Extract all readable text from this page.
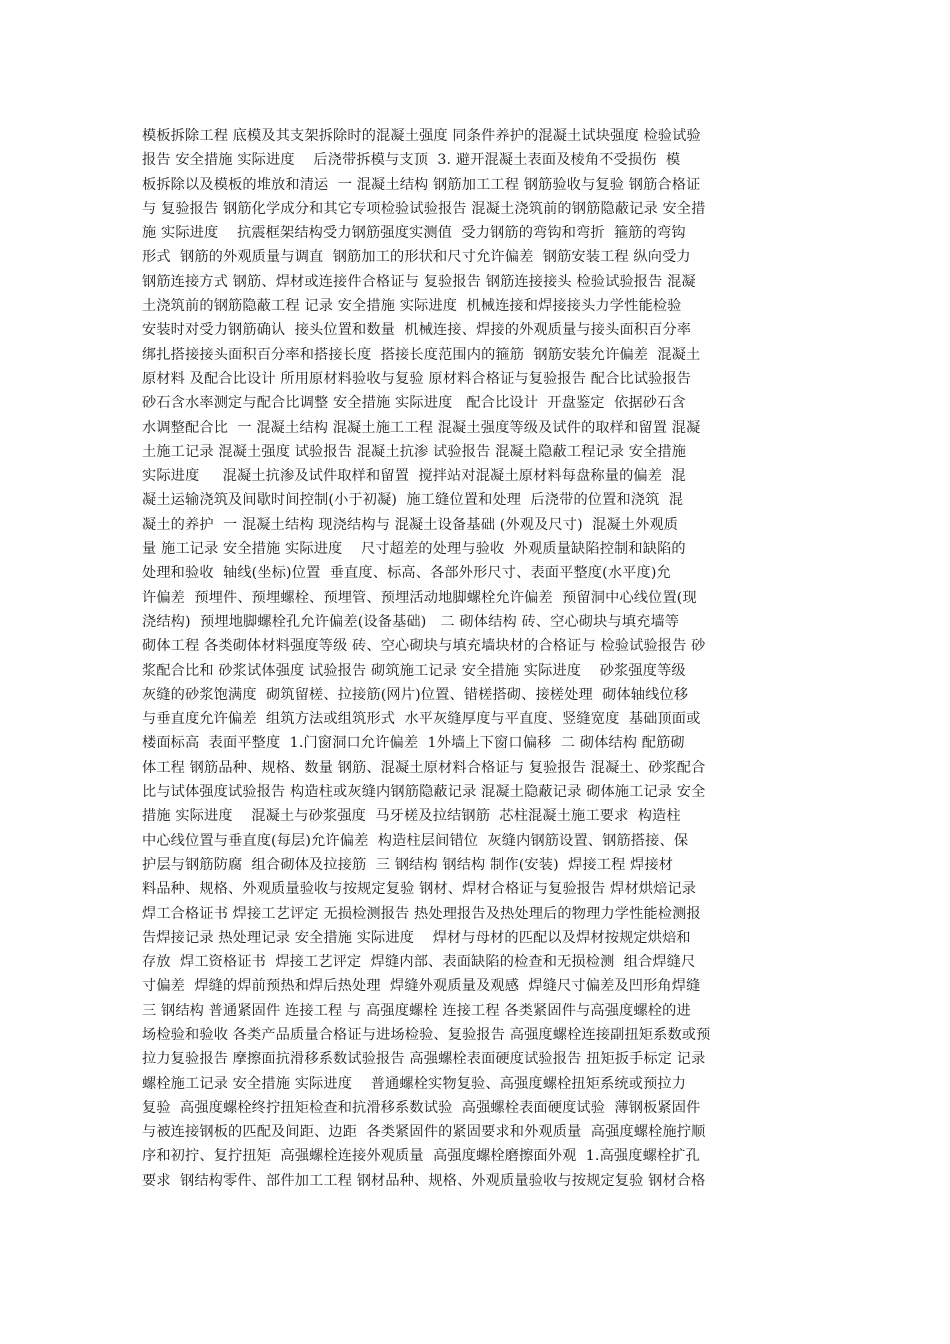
模板拆除工程 底模及其支架拆除时的混凝土强度 同条件养护的混凝土试块强度 检验试验
报告 安全措施 实际进度    后浇带拆模与支顶  3. 避开混凝土表面及棱角不受损伤  模
板拆除以及模板的堆放和清运  一 混凝土结构 钢筋加工工程 钢筋验收与复验 钢筋合格证
与 复验报告 钢筋化学成分和其它专项检验试验报告 混凝土浇筑前的钢筋隐蔽记录 安全措
施 实际进度    抗震框架结构受力钢筋强度实测值  受力钢筋的弯钩和弯折  箍筋的弯钩
形式  钢筋的外观质量与调直  钢筋加工的形状和尺寸允许偏差  钢筋安装工程 纵向受力
钢筋连接方式 钢筋、焊材或连接件合格证与 复验报告 钢筋连接接头 检验试验报告 混凝
土浇筑前的钢筋隐蔽工程 记录 安全措施 实际进度  机械连接和焊接接头力学性能检验
安装时对受力钢筋确认  接头位置和数量  机械连接、焊接的外观质量与接头面积百分率
绑扎搭接接头面积百分率和搭接长度  搭接长度范围内的箍筋  钢筋安装允许偏差  混凝土
原材料 及配合比设计 所用原材料验收与复验 原材料合格证与复验报告 配合比试验报告
砂石含水率测定与配合比调整 安全措施 实际进度   配合比设计  开盘鉴定  依据砂石含
水调整配合比  一 混凝土结构 混凝土施工工程 混凝土强度等级及试件的取样和留置 混凝
土施工记录 混凝土强度 试验报告 混凝土抗渗 试验报告 混凝土隐蔽工程记录 安全措施
实际进度     混凝土抗渗及试件取样和留置  搅拌站对混凝土原材料每盘称量的偏差  混
凝土运输浇筑及间歇时间控制(小于初凝)  施工缝位置和处理  后浇带的位置和浇筑  混
凝土的养护  一 混凝土结构 现浇结构与 混凝土设备基础 (外观及尺寸)  混凝土外观质
量 施工记录 安全措施 实际进度    尺寸超差的处理与验收  外观质量缺陷控制和缺陷的
处理和验收  轴线(坐标)位置  垂直度、标高、各部外形尺寸、表面平整度(水平度)允
许偏差  预埋件、预埋螺栓、预埋管、预埋活动地脚螺栓允许偏差  预留洞中心线位置(现
浇结构)  预埋地脚螺栓孔允许偏差(设备基础)   二 砌体结构 砖、空心砌块与填充墙等
砌体工程 各类砌体材料强度等级 砖、空心砌块与填充墙块材的合格证与 检验试验报告 砂
浆配合比和 砂浆试体强度 试验报告 砌筑施工记录 安全措施 实际进度    砂浆强度等级
灰缝的砂浆饱满度  砌筑留槎、拉接筋(网片)位置、错槎搭砌、接槎处理  砌体轴线位移
与垂直度允许偏差  组筑方法或组筑形式  水平灰缝厚度与平直度、竖缝宽度  基础顶面或
楼面标高  表面平整度  1.门窗洞口允许偏差  1外墙上下窗口偏移  二 砌体结构 配筋砌
体工程 钢筋品种、规格、数量 钢筋、混凝土原材料合格证与 复验报告 混凝土、砂浆配合
比与试体强度试验报告 构造柱或灰缝内钢筋隐蔽记录 混凝土隐蔽记录 砌体施工记录 安全
措施 实际进度    混凝土与砂浆强度  马牙槎及拉结钢筋  芯柱混凝土施工要求  构造柱
中心线位置与垂直度(每层)允许偏差  构造柱层间错位  灰缝内钢筋设置、钢筋搭接、保
护层与钢筋防腐  组合砌体及拉接筋  三 钢结构 钢结构 制作(安装)  焊接工程 焊接材
料品种、规格、外观质量验收与按规定复验 钢材、焊材合格证与复验报告 焊材烘焙记录
焊工合格证书 焊接工艺评定 无损检测报告 热处理报告及热处理后的物理力学性能检测报
告焊接记录 热处理记录 安全措施 实际进度    焊材与母材的匹配以及焊材按规定烘焙和
存放  焊工资格证书  焊接工艺评定  焊缝内部、表面缺陷的检查和无损检测  组合焊缝尺
寸偏差  焊缝的焊前预热和焊后热处理  焊缝外观质量及观感  焊缝尺寸偏差及凹形角焊缝
三 钢结构 普通紧固件 连接工程 与 高强度螺栓 连接工程 各类紧固件与高强度螺栓的进
场检验和验收 各类产品质量合格证与进场检验、复验报告 高强度螺栓连接副扭矩系数或预
拉力复验报告 摩擦面抗滑移系数试验报告 高强螺栓表面硬度试验报告 扭矩扳手标定 记录
螺栓施工记录 安全措施 实际进度    普通螺栓实物复验、高强度螺栓扭矩系统或预拉力
复验  高强度螺栓终拧扭矩检查和抗滑移系数试验  高强螺栓表面硬度试验  薄钢板紧固件
与被连接钢板的匹配及间距、边距  各类紧固件的紧固要求和外观质量  高强度螺栓施拧顺
序和初拧、复拧扭矩  高强螺栓连接外观质量  高强度螺栓磨擦面外观  1.高强度螺栓扩孔
要求  钢结构零件、部件加工工程 钢材品种、规格、外观质量验收与按规定复验 钢材合格
